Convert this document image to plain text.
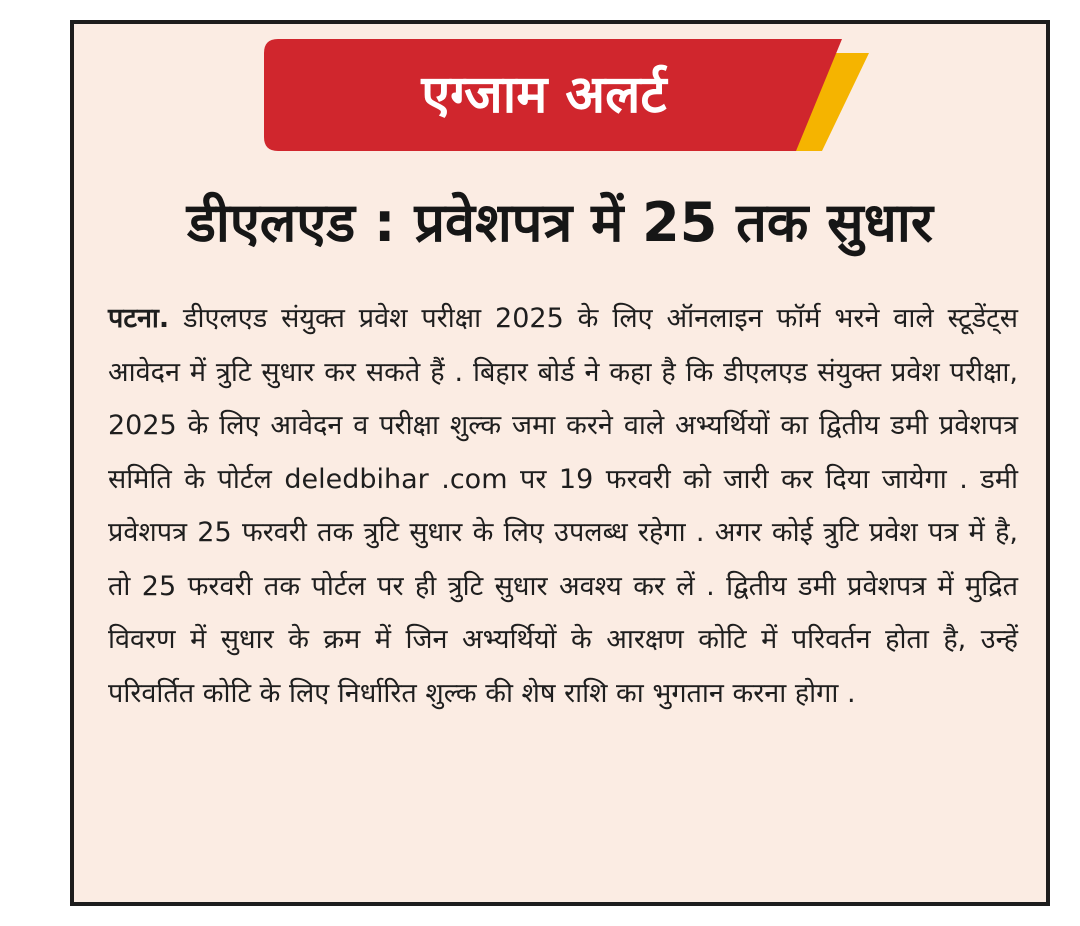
एग्जाम अलर्ट
डीएलएड : प्रवेशपत्र में 25 तक सुधार

पटना. डीएलएड संयुक्त प्रवेश परीक्षा 2025 के लिए ऑनलाइन फॉर्म भरने वाले स्टूडेंट्स आवेदन में त्रुटि सुधार कर सकते हैं . बिहार बोर्ड ने कहा है कि डीएलएड संयुक्त प्रवेश परीक्षा, 2025 के लिए आवेदन व परीक्षा शुल्क जमा करने वाले अभ्यर्थियों का द्वितीय डमी प्रवेशपत्र समिति के पोर्टल deledbihar .com पर 19 फरवरी को जारी कर दिया जायेगा . डमी प्रवेशपत्र 25 फरवरी तक त्रुटि सुधार के लिए उपलब्ध रहेगा . अगर कोई त्रुटि प्रवेश पत्र में है, तो 25 फरवरी तक पोर्टल पर ही त्रुटि सुधार अवश्य कर लें . द्वितीय डमी प्रवेशपत्र में मुद्रित विवरण में सुधार के क्रम में जिन अभ्यर्थियों के आरक्षण कोटि में परिवर्तन होता है, उन्हें परिवर्तित कोटि के लिए निर्धारित शुल्क की शेष राशि का भुगतान करना होगा .
